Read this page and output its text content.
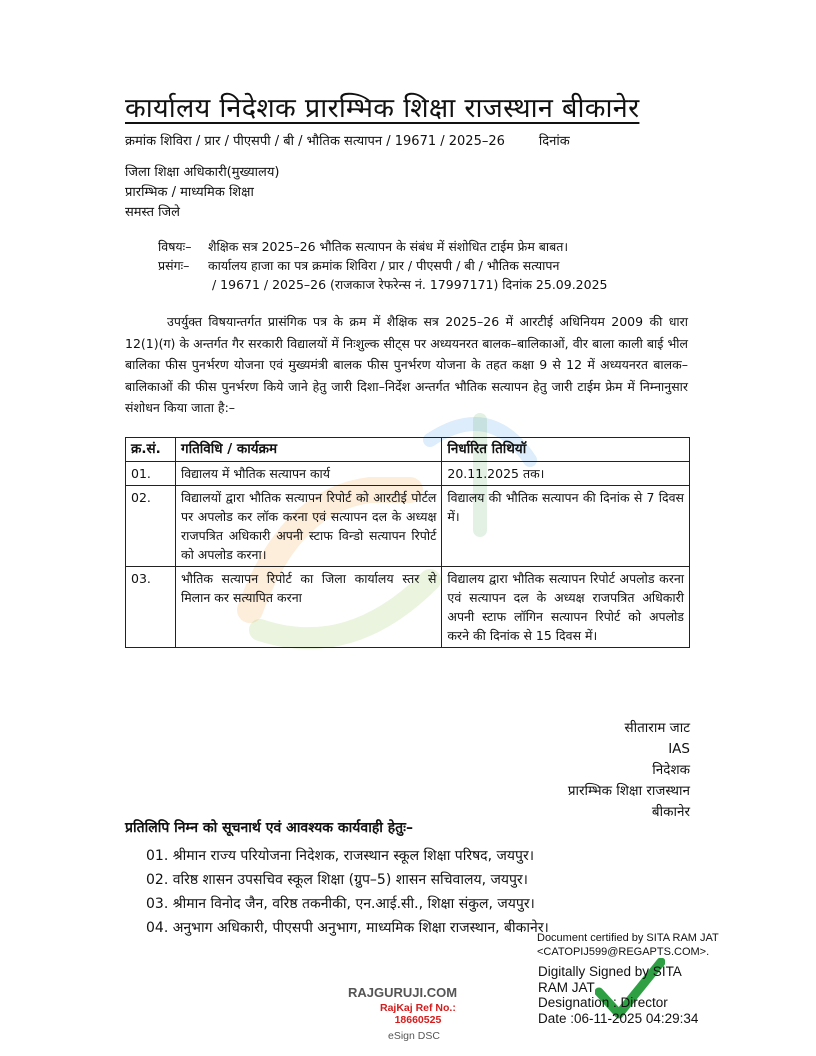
कार्यालय निदेशक प्रारम्भिक शिक्षा राजस्थान बीकानेर
क्रमांक शिविरा / प्रार / पीएसपी / बी / भौतिक सत्यापन / 19671 / 2025–26	दिनांक
जिला शिक्षा अधिकारी(मुख्यालय)
प्रारम्भिक / माध्यमिक शिक्षा
समस्त जिले
विषयः– शैक्षिक सत्र 2025–26 भौतिक सत्यापन के संबंध में संशोधित टाईम फ्रेम बाबत।
प्रसंगः– कार्यालय हाजा का पत्र क्रमांक शिविरा / प्रार / पीएसपी / बी / भौतिक सत्यापन
/ 19671 / 2025–26 (राजकाज रेफरेन्स नं. 17997171) दिनांक 25.09.2025
उपर्युक्त विषयान्तर्गत प्रासंगिक पत्र के क्रम में शैक्षिक सत्र 2025–26 में आरटीई अधिनियम 2009 की धारा 12(1)(ग) के अन्तर्गत गैर सरकारी विद्यालयों में निःशुल्क सीट्स पर अध्ययनरत बालक–बालिकाओं, वीर बाला काली बाई भील बालिका फीस पुनर्भरण योजना एवं मुख्यमंत्री बालक फीस पुनर्भरण योजना के तहत कक्षा 9 से 12 में अध्ययनरत बालक–बालिकाओं की फीस पुनर्भरण किये जाने हेतु जारी दिशा–निर्देश अन्तर्गत भौतिक सत्यापन हेतु जारी टाईम फ्रेम में निम्नानुसार संशोधन किया जाता है:–
क्र.सं.	गतिविधि / कार्यक्रम	निर्धारित तिथियॉ
01.	विद्यालय में भौतिक सत्यापन कार्य	20.11.2025 तक।
02.	विद्यालयों द्वारा भौतिक सत्यापन रिपोर्ट को आरटीई पोर्टल पर अपलोड कर लॉक करना एवं सत्यापन दल के अध्यक्ष राजपत्रित अधिकारी अपनी स्टाफ विन्डो सत्यापन रिपोर्ट को अपलोड करना।	विद्यालय की भौतिक सत्यापन की दिनांक से 7 दिवस में।
03.	भौतिक सत्यापन रिपोर्ट का जिला कार्यालय स्तर से मिलान कर सत्यापित करना	विद्यालय द्वारा भौतिक सत्यापन रिपोर्ट अपलोड करना एवं सत्यापन दल के अध्यक्ष राजपत्रित अधिकारी अपनी स्टाफ लॉगिन सत्यापन रिपोर्ट को अपलोड करने की दिनांक से 15 दिवस में।
सीताराम जाट
IAS
निदेशक
प्रारम्भिक शिक्षा राजस्थान
बीकानेर
प्रतिलिपि निम्न को सूचनार्थ एवं आवश्यक कार्यवाही हेतुः–
01. श्रीमान राज्य परियोजना निदेशक, राजस्थान स्कूल शिक्षा परिषद, जयपुर।
02. वरिष्ठ शासन उपसचिव स्कूल शिक्षा (ग्रुप–5) शासन सचिवालय, जयपुर।
03. श्रीमान विनोद जैन, वरिष्ठ तकनीकी, एन.आई.सी., शिक्षा संकुल, जयपुर।
04. अनुभाग अधिकारी, पीएसपी अनुभाग, माध्यमिक शिक्षा राजस्थान, बीकानेर।
Document certified by SITA RAM JAT
<CATOPIJ599@REGAPTS.COM>.
Digitally Signed by SITA
RAM JAT
Designation : Director
Date :06-11-2025 04:29:34
RAJGURUJI.COM
RajKaj Ref No.:
18660525
eSign DSC
